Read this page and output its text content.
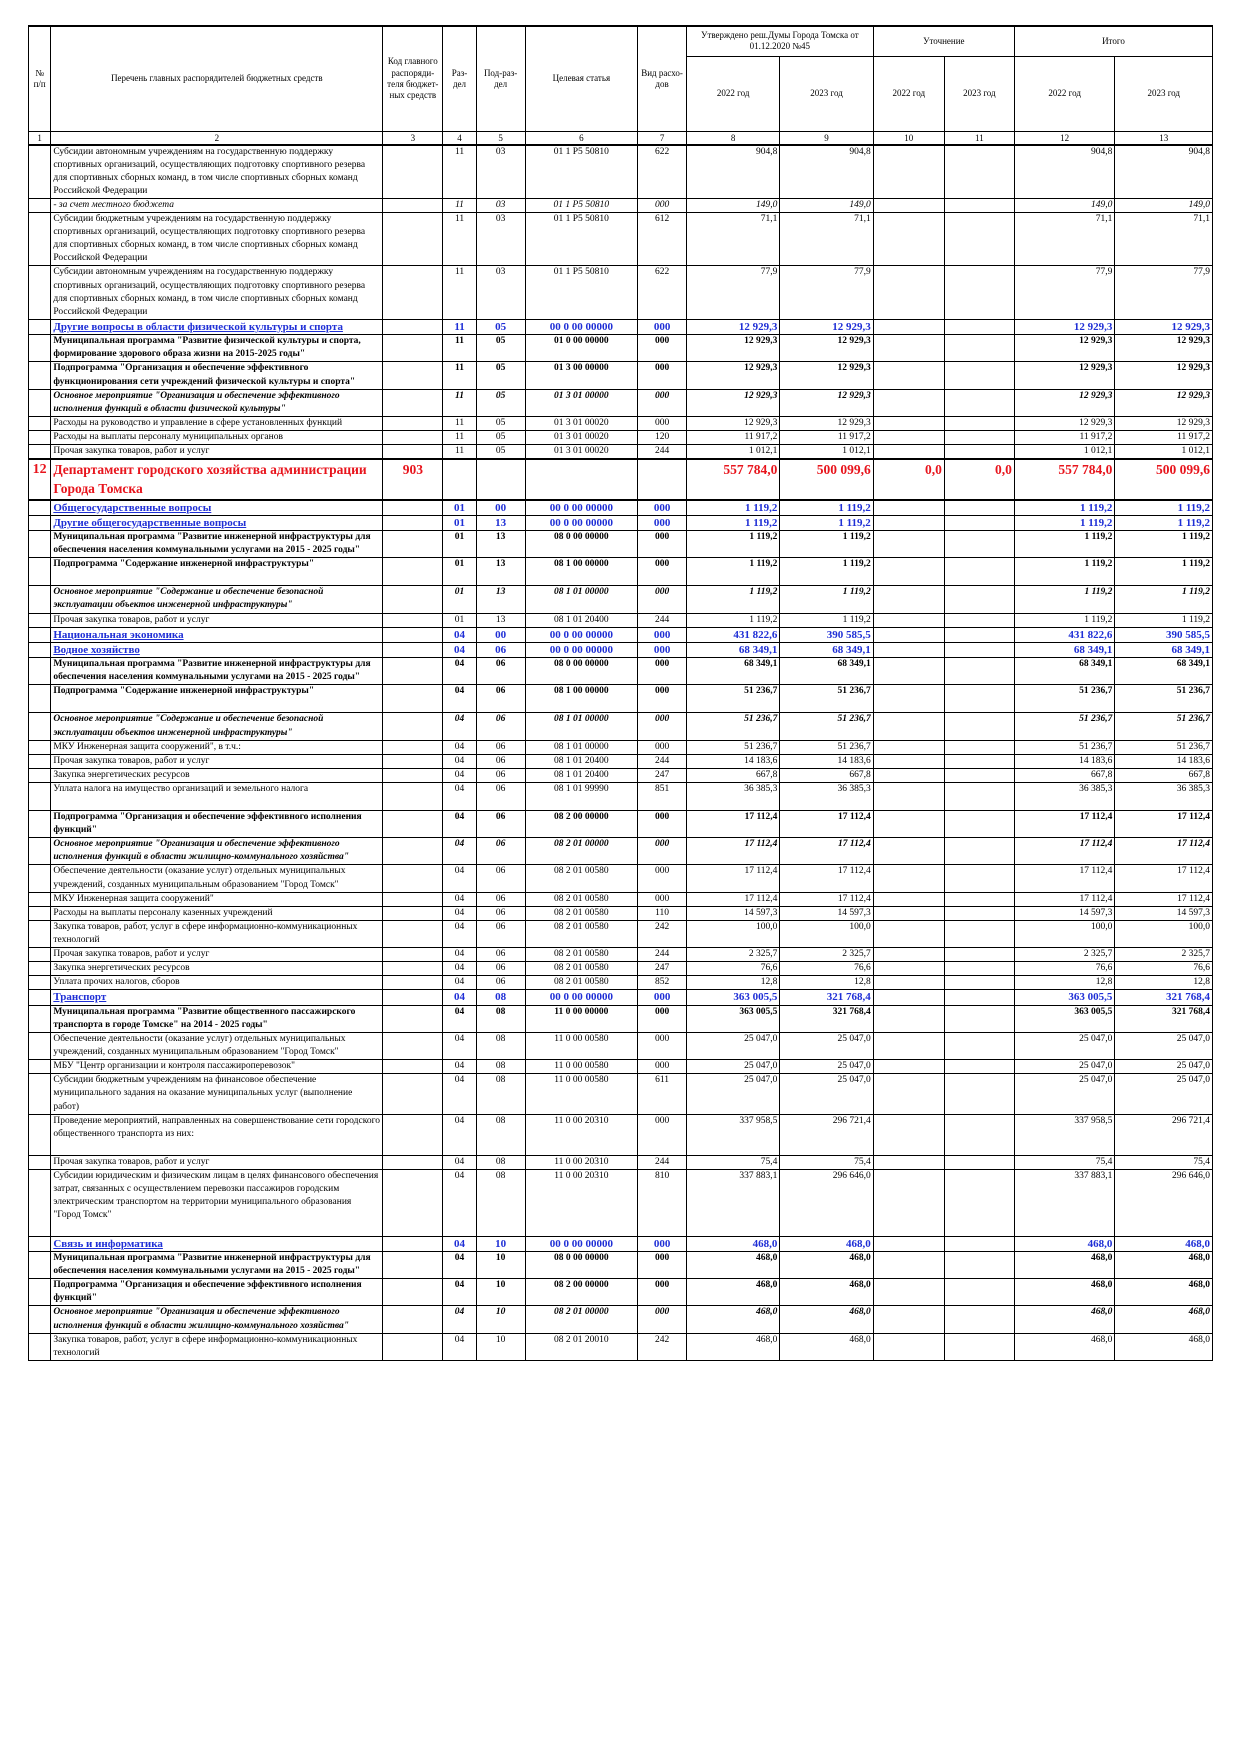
№ п/п	Перечень главных распорядителей бюджетных средств	Код главного распоряди-теля бюджет-ных средств	Раз-дел	Под-раз-дел	Целевая статья	Вид расхо-дов	Утверждено реш.Думы Города Томска от 01.12.2020 №45		Уточнение		Итого	
							2022 год	2023 год	2022 год	2023 год	2022 год	2023 год
1	2	3	4	5	6	7	8	9	10	11	12	13
	Субсидии автономным учреждениям на государственную поддержку спортивных организаций, осуществляющих подготовку спортивного резерва для спортивных сборных команд, в том числе спортивных сборных команд Российской Федерации		11	03	01 1 P5 50810	622	904,8	904,8			904,8	904,8
	- за счет местного бюджета		11	03	01 1 P5 50810	000	149,0	149,0			149,0	149,0
	Субсидии бюджетным учреждениям на государственную поддержку спортивных организаций, осуществляющих подготовку спортивного резерва для спортивных сборных команд, в том числе спортивных сборных команд Российской Федерации		11	03	01 1 P5 50810	612	71,1	71,1			71,1	71,1
	Субсидии автономным учреждениям на государственную поддержку спортивных организаций, осуществляющих подготовку спортивного резерва для спортивных сборных команд, в том числе спортивных сборных команд Российской Федерации		11	03	01 1 P5 50810	622	77,9	77,9			77,9	77,9
	Другие вопросы в области физической культуры и спорта		11	05	00 0 00 00000	000	12 929,3	12 929,3			12 929,3	12 929,3
	Муниципальная программа "Развитие физической культуры и спорта, формирование здорового образа жизни на 2015-2025 годы"		11	05	01 0 00 00000	000	12 929,3	12 929,3			12 929,3	12 929,3
	Подпрограмма "Организация и обеспечение эффективного функционирования сети учреждений физической культуры и спорта"		11	05	01 3 00 00000	000	12 929,3	12 929,3			12 929,3	12 929,3
	Основное мероприятие "Организация и обеспечение эффективного исполнения функций в области физической культуры"		11	05	01 3 01 00000	000	12 929,3	12 929,3			12 929,3	12 929,3
	Расходы на руководство и управление в сфере установленных функций		11	05	01 3 01 00020	000	12 929,3	12 929,3			12 929,3	12 929,3
	Расходы на выплаты персоналу муниципальных органов		11	05	01 3 01 00020	120	11 917,2	11 917,2			11 917,2	11 917,2
	Прочая закупка товаров, работ и услуг		11	05	01 3 01 00020	244	1 012,1	1 012,1			1 012,1	1 012,1
12	Департамент городского хозяйства администрации Города Томска	903					557 784,0	500 099,6	0,0	0,0	557 784,0	500 099,6
	Общегосударственные вопросы		01	00	00 0 00 00000	000	1 119,2	1 119,2			1 119,2	1 119,2
	Другие общегосударственные вопросы		01	13	00 0 00 00000	000	1 119,2	1 119,2			1 119,2	1 119,2
	Муниципальная программа "Развитие инженерной инфраструктуры для обеспечения населения коммунальными услугами на 2015 - 2025 годы"		01	13	08 0 00 00000	000	1 119,2	1 119,2			1 119,2	1 119,2
	Подпрограмма "Содержание инженерной инфраструктуры"		01	13	08 1 00 00000	000	1 119,2	1 119,2			1 119,2	1 119,2
	Основное мероприятие "Содержание и обеспечение безопасной эксплуатации объектов инженерной инфраструктуры"		01	13	08 1 01 00000	000	1 119,2	1 119,2			1 119,2	1 119,2
	Прочая закупка товаров, работ и услуг		01	13	08 1 01 20400	244	1 119,2	1 119,2			1 119,2	1 119,2
	Национальная экономика		04	00	00 0 00 00000	000	431 822,6	390 585,5			431 822,6	390 585,5
	Водное хозяйство		04	06	00 0 00 00000	000	68 349,1	68 349,1			68 349,1	68 349,1
	Муниципальная программа "Развитие инженерной инфраструктуры для обеспечения населения коммунальными услугами на 2015 - 2025 годы"		04	06	08 0 00 00000	000	68 349,1	68 349,1			68 349,1	68 349,1
	Подпрограмма "Содержание инженерной инфраструктуры"		04	06	08 1 00 00000	000	51 236,7	51 236,7			51 236,7	51 236,7
	Основное мероприятие "Содержание и обеспечение безопасной эксплуатации объектов инженерной инфраструктуры"		04	06	08 1 01 00000	000	51 236,7	51 236,7			51 236,7	51 236,7
	МКУ Инженерная защита сооружений", в т.ч.:		04	06	08 1 01 00000	000	51 236,7	51 236,7			51 236,7	51 236,7
	Прочая закупка товаров, работ и услуг		04	06	08 1 01 20400	244	14 183,6	14 183,6			14 183,6	14 183,6
	Закупка энергетических ресурсов		04	06	08 1 01 20400	247	667,8	667,8			667,8	667,8
	Уплата налога на имущество организаций и земельного налога		04	06	08 1 01 99990	851	36 385,3	36 385,3			36 385,3	36 385,3
	Подпрограмма "Организация и обеспечение эффективного исполнения функций"		04	06	08 2 00 00000	000	17 112,4	17 112,4			17 112,4	17 112,4
	Основное мероприятие "Организация и обеспечение эффективного исполнения функций в области жилищно-коммунального хозяйства"		04	06	08 2 01 00000	000	17 112,4	17 112,4			17 112,4	17 112,4
	Обеспечение деятельности (оказание услуг) отдельных муниципальных учреждений, созданных муниципальным образованием "Город Томск"		04	06	08 2 01 00580	000	17 112,4	17 112,4			17 112,4	17 112,4
	МКУ Инженерная защита сооружений"		04	06	08 2 01 00580	000	17 112,4	17 112,4			17 112,4	17 112,4
	Расходы на выплаты персоналу казенных учреждений		04	06	08 2 01 00580	110	14 597,3	14 597,3			14 597,3	14 597,3
	Закупка товаров, работ, услуг в сфере информационно-коммуникационных технологий		04	06	08 2 01 00580	242	100,0	100,0			100,0	100,0
	Прочая закупка товаров, работ и услуг		04	06	08 2 01 00580	244	2 325,7	2 325,7			2 325,7	2 325,7
	Закупка энергетических ресурсов		04	06	08 2 01 00580	247	76,6	76,6			76,6	76,6
	Уплата прочих налогов, сборов		04	06	08 2 01 00580	852	12,8	12,8			12,8	12,8
	Транспорт		04	08	00 0 00 00000	000	363 005,5	321 768,4			363 005,5	321 768,4
	Муниципальная программа "Развитие общественного пассажирского транспорта в городе Томске" на 2014 - 2025 годы"		04	08	11 0 00 00000	000	363 005,5	321 768,4			363 005,5	321 768,4
	Обеспечение деятельности (оказание услуг) отдельных муниципальных учреждений, созданных муниципальным образованием "Город Томск"		04	08	11 0 00 00580	000	25 047,0	25 047,0			25 047,0	25 047,0
	МБУ "Центр организации и контроля пассажироперевозок"		04	08	11 0 00 00580	000	25 047,0	25 047,0			25 047,0	25 047,0
	Субсидии бюджетным учреждениям на финансовое обеспечение муниципального задания на оказание муниципальных услуг (выполнение работ)		04	08	11 0 00 00580	611	25 047,0	25 047,0			25 047,0	25 047,0
	Проведение мероприятий, направленных на совершенствование сети городского общественного транспорта из них:		04	08	11 0 00 20310	000	337 958,5	296 721,4			337 958,5	296 721,4
	Прочая закупка товаров, работ и услуг		04	08	11 0 00 20310	244	75,4	75,4			75,4	75,4
	Субсидии юридическим и физическим лицам в целях финансового обеспечения затрат, связанных с осуществлением перевозки пассажиров городским электрическим транспортом на территории муниципального образования "Город Томск"		04	08	11 0 00 20310	810	337 883,1	296 646,0			337 883,1	296 646,0
	Связь и информатика		04	10	00 0 00 00000	000	468,0	468,0			468,0	468,0
	Муниципальная программа "Развитие инженерной инфраструктуры для обеспечения населения коммунальными услугами на 2015 - 2025 годы"		04	10	08 0 00 00000	000	468,0	468,0			468,0	468,0
	Подпрограмма "Организация и обеспечение эффективного исполнения функций"		04	10	08 2 00 00000	000	468,0	468,0			468,0	468,0
	Основное мероприятие "Организация и обеспечение эффективного исполнения функций в области жилищно-коммунального хозяйства"		04	10	08 2 01 00000	000	468,0	468,0			468,0	468,0
	Закупка товаров, работ, услуг в сфере информационно-коммуникационных технологий		04	10	08 2 01 20010	242	468,0	468,0			468,0	468,0
